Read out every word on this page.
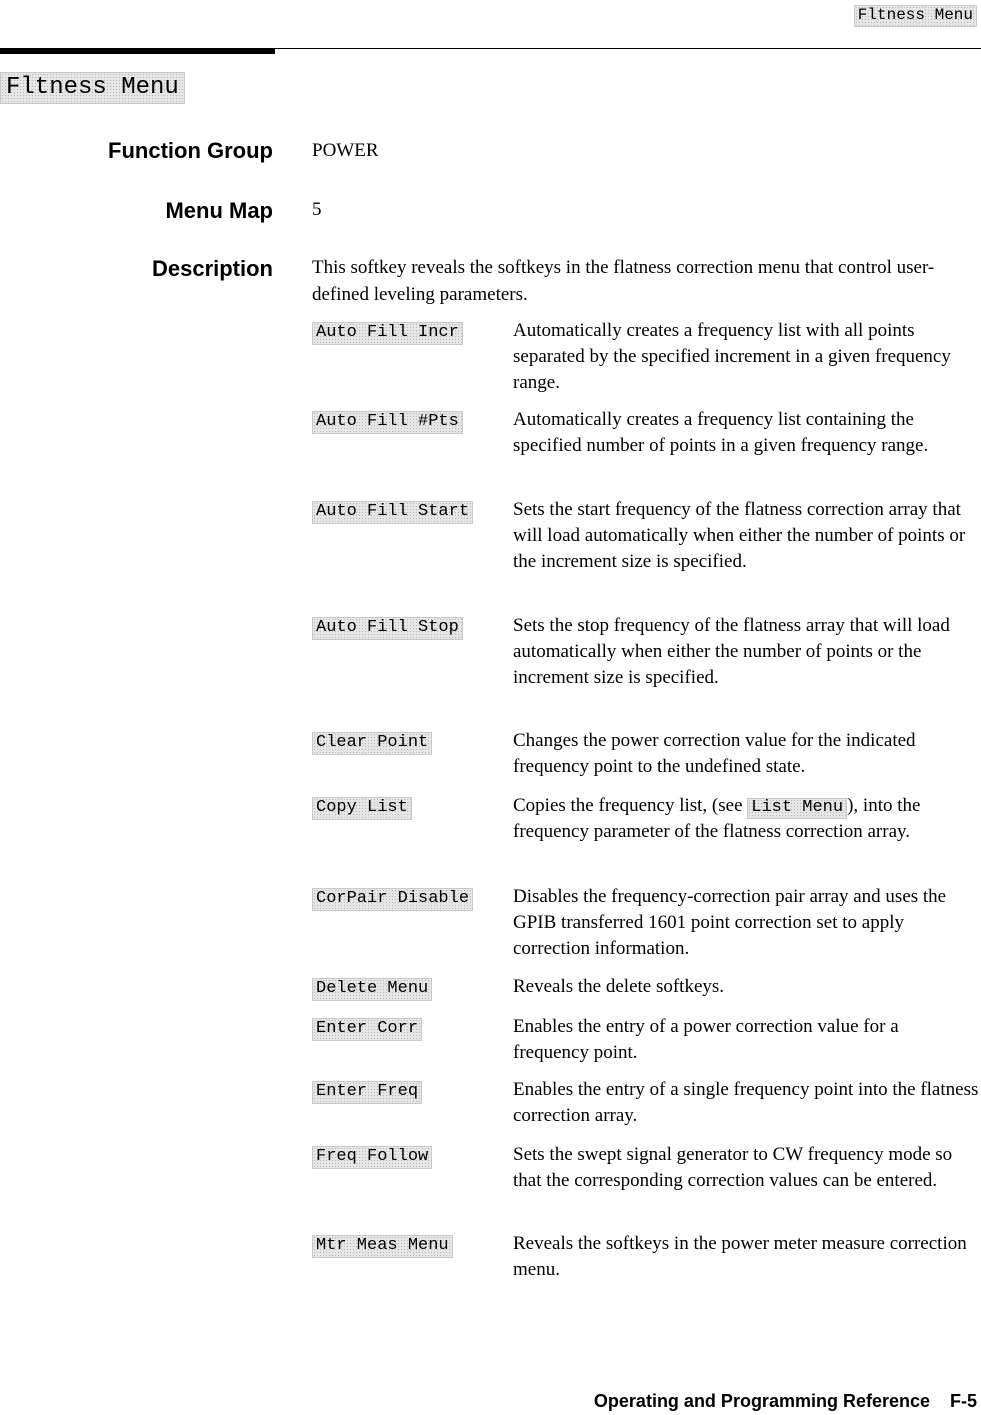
Fltness Menu
Fltness Menu
Function Group POWER
Menu Map 5
Description This softkey reveals the softkeys in the flatness correction menu that control user-defined leveling parameters.
Auto Fill Incr	Automatically creates a frequency list with all points separated by the specified increment in a given frequency range.
Auto Fill #Pts	Automatically creates a frequency list containing the specified number of points in a given frequency range.
Auto Fill Start Sets the start frequency of the flatness correction array that will load automatically when either the number of points or the increment size is specified.
Auto Fill Stop	Sets the stop frequency of the flatness array that will load automatically when either the number of points or the increment size is specified.
Clear Point	Changes the power correction value for the indicated frequency point to the undefined state.
Copy List	Copies the frequency list, (see List Menu ), into the frequency parameter of the flatness correction array.
CorPair Disable Disables the frequency-correction pair array and uses the GPIB transferred 1601 point correction set to apply correction information.
Delete Menu	Reveals the delete softkeys.
Enter Corr	Enables the entry of a power correction value for a frequency point.
Enter Freq	Enables the entry of a single frequency point into the flatness correction array.
Freq Follow	Sets the swept signal generator to CW frequency mode so that the corresponding correction values can be entered.
Mtr Meas Menu	Reveals the softkeys in the power meter measure correction menu.
Operating and Programming Reference F-5
